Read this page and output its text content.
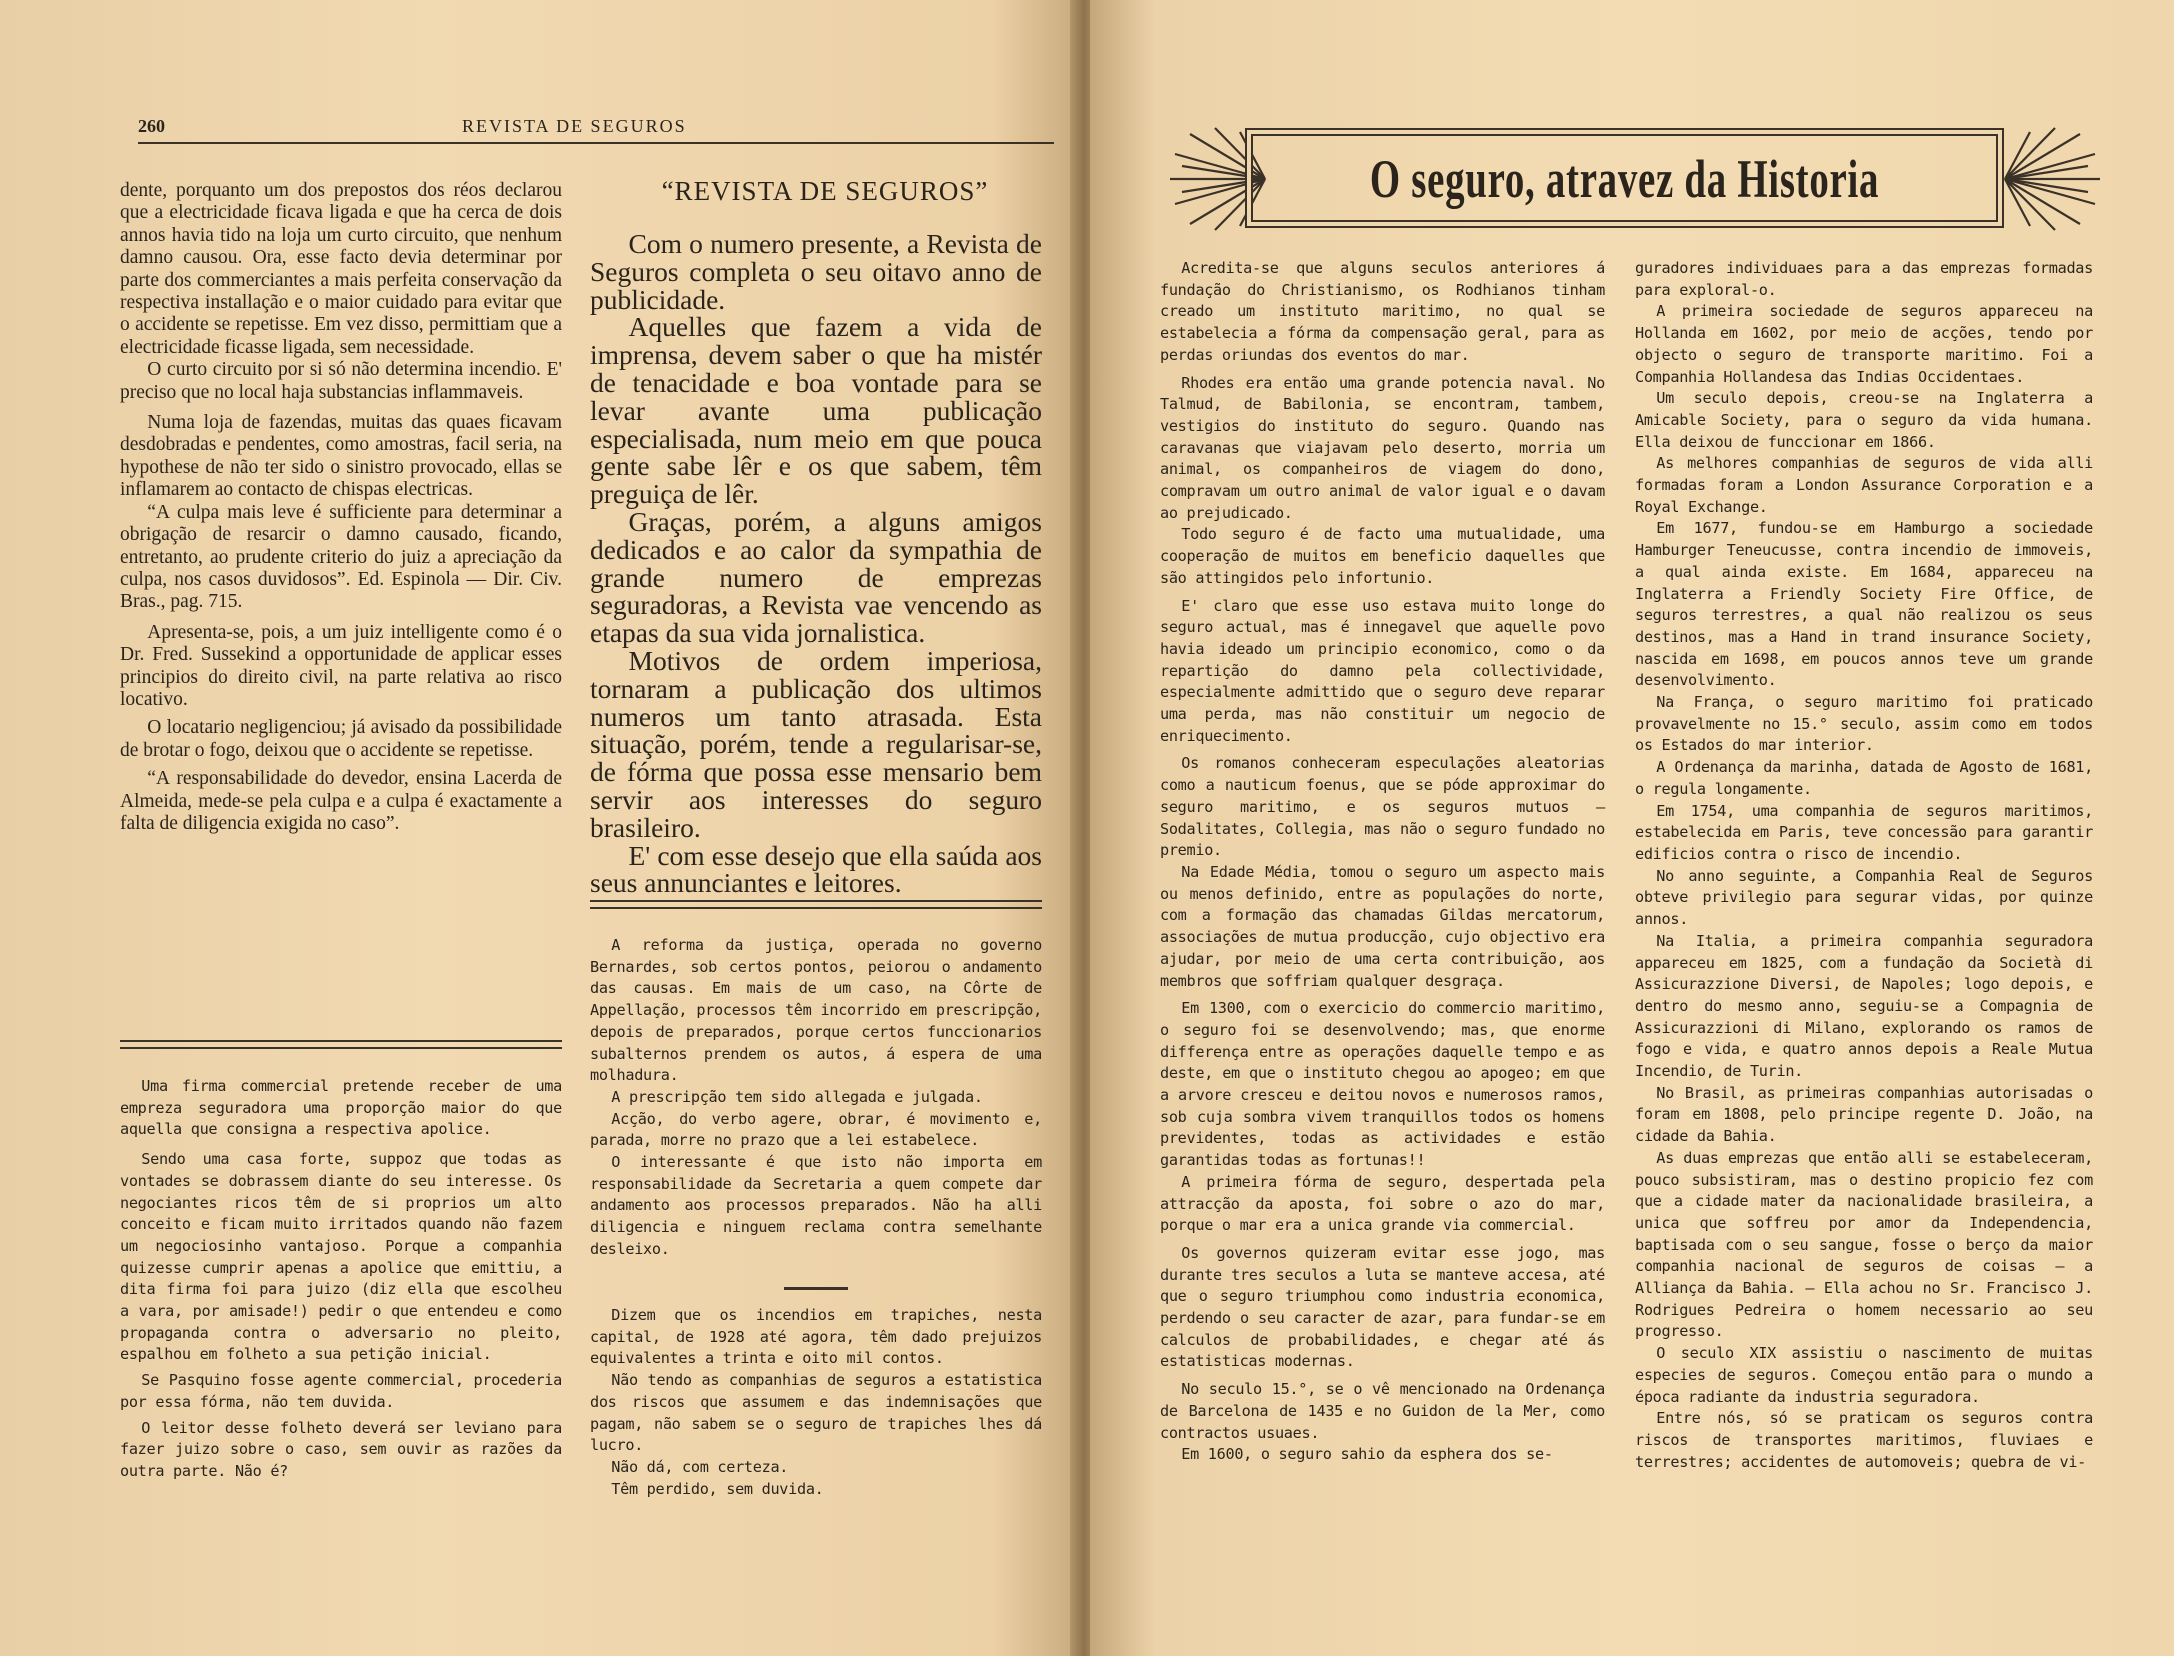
260	REVISTA DE SEGUROS

dente, porquanto um dos prepostos dos réos declarou que a electricidade ficava ligada e que ha cerca de dois annos havia tido na loja um curto circuito, que nenhum damno causou. Ora, esse facto devia determinar por parte dos commerciantes a mais perfeita conservação da respectiva installação e o maior cuidado para evitar que o accidente se repetisse. Em vez disso, permittiam que a electricidade ficasse ligada, sem necessidade.

O curto circuito por si só não determina incendio. E' preciso que no local haja substancias inflammaveis.

Numa loja de fazendas, muitas das quaes ficavam desdobradas e pendentes, como amostras, facil seria, na hypothese de não ter sido o sinistro provocado, ellas se inflamarem ao contacto de chispas electricas.

“A culpa mais leve é sufficiente para determinar a obrigação de resarcir o damno causado, ficando, entretanto, ao prudente criterio do juiz a apreciação da culpa, nos casos duvidosos”. Ed. Espinola — Dir. Civ. Bras., pag. 715.

Apresenta-se, pois, a um juiz intelligente como é o Dr. Fred. Sussekind a opportunidade de applicar esses principios do direito civil, na parte relativa ao risco locativo.

O locatario negligenciou; já avisado da possibilidade de brotar o fogo, deixou que o accidente se repetisse.

“A responsabilidade do devedor, ensina Lacerda de Almeida, mede-se pela culpa e a culpa é exactamente a falta de diligencia exigida no caso”.

Uma firma commercial pretende receber de uma empreza seguradora uma proporção maior do que aquella que consigna a respectiva apolice.

Sendo uma casa forte, suppoz que todas as vontades se dobrassem diante do seu interesse. Os negociantes ricos têm de si proprios um alto conceito e ficam muito irritados quando não fazem um negociosinho vantajoso. Porque a companhia quizesse cumprir apenas a apolice que emittiu, a dita firma foi para juizo (diz ella que escolheu a vara, por amisade!) pedir o que entendeu e como propaganda contra o adversario no pleito, espalhou em folheto a sua petição inicial.

Se Pasquino fosse agente commercial, procederia por essa fórma, não tem duvida.

O leitor desse folheto deverá ser leviano para fazer juizo sobre o caso, sem ouvir as razões da outra parte. Não é?

“REVISTA DE SEGUROS”

Com o numero presente, a Revista de Seguros completa o seu oitavo anno de publicidade.

Aquelles que fazem a vida de imprensa, devem saber o que ha mistér de tenacidade e boa vontade para se levar avante uma publicação especialisada, num meio em que pouca gente sabe lêr e os que sabem, têm preguiça de lêr.

Graças, porém, a alguns amigos dedicados e ao calor da sympathia de grande numero de emprezas seguradoras, a Revista vae vencendo as etapas da sua vida jornalistica.

Motivos de ordem imperiosa, tornaram a publicação dos ultimos numeros um tanto atrasada. Esta situação, porém, tende a regularisar-se, de fórma que possa esse mensario bem servir aos interesses do seguro brasileiro.

E' com esse desejo que ella saúda aos seus annunciantes e leitores.

A reforma da justiça, operada no governo Bernardes, sob certos pontos, peiorou o andamento das causas. Em mais de um caso, na Côrte de Appellação, processos têm incorrido em prescripção, depois de preparados, porque certos funccionarios subalternos prendem os autos, á espera de uma molhadura.

A prescripção tem sido allegada e julgada.

Acção, do verbo agere, obrar, é movimento e, parada, morre no prazo que a lei estabelece.

O interessante é que isto não importa em responsabilidade da Secretaria a quem compete dar andamento aos processos preparados. Não ha alli diligencia e ninguem reclama contra semelhante desleixo.

Dizem que os incendios em trapiches, nesta capital, de 1928 até agora, têm dado prejuizos equivalentes a trinta e oito mil contos.

Não tendo as companhias de seguros a estatistica dos riscos que assumem e das indemnisações que pagam, não sabem se o seguro de trapiches lhes dá lucro.

Não dá, com certeza.

Têm perdido, sem duvida.

O seguro, atravez da Historia

Acredita-se que alguns seculos anteriores á fundação do Christianismo, os Rodhianos tinham creado um instituto maritimo, no qual se estabelecia a fórma da compensação geral, para as perdas oriundas dos eventos do mar.

Rhodes era então uma grande potencia naval. No Talmud, de Babilonia, se encontram, tambem, vestigios do instituto do seguro. Quando nas caravanas que viajavam pelo deserto, morria um animal, os companheiros de viagem do dono, compravam um outro animal de valor igual e o davam ao prejudicado.

Todo seguro é de facto uma mutualidade, uma cooperação de muitos em beneficio daquelles que são attingidos pelo infortunio.

E' claro que esse uso estava muito longe do seguro actual, mas é innegavel que aquelle povo havia ideado um principio economico, como o da repartição do damno pela collectividade, especialmente admittido que o seguro deve reparar uma perda, mas não constituir um negocio de enriquecimento.

Os romanos conheceram especulações aleatorias como a nauticum foenus, que se póde approximar do seguro maritimo, e os seguros mutuos — Sodalitates, Collegia, mas não o seguro fundado no premio.

Na Edade Média, tomou o seguro um aspecto mais ou menos definido, entre as populações do norte, com a formação das chamadas Gildas mercatorum, associações de mutua producção, cujo objectivo era ajudar, por meio de uma certa contribuição, aos membros que soffriam qualquer desgraça.

Em 1300, com o exercicio do commercio maritimo, o seguro foi se desenvolvendo; mas, que enorme differença entre as operações daquelle tempo e as deste, em que o instituto chegou ao apogeo; em que a arvore cresceu e deitou novos e numerosos ramos, sob cuja sombra vivem tranquillos todos os homens previdentes, todas as actividades e estão garantidas todas as fortunas!!

A primeira fórma de seguro, despertada pela attracção da aposta, foi sobre o azo do mar, porque o mar era a unica grande via commercial.

Os governos quizeram evitar esse jogo, mas durante tres seculos a luta se manteve accesa, até que o seguro triumphou como industria economica, perdendo o seu caracter de azar, para fundar-se em calculos de probabilidades, e chegar até ás estatisticas modernas.

No seculo 15.°, se o vê mencionado na Ordenança de Barcelona de 1435 e no Guidon de la Mer, como contractos usuaes.

Em 1600, o seguro sahio da esphera dos se-

guradores individuaes para a das emprezas formadas para exploral-o.

A primeira sociedade de seguros appareceu na Hollanda em 1602, por meio de acções, tendo por objecto o seguro de transporte maritimo. Foi a Companhia Hollandesa das Indias Occidentaes.

Um seculo depois, creou-se na Inglaterra a Amicable Society, para o seguro da vida humana. Ella deixou de funccionar em 1866.

As melhores companhias de seguros de vida alli formadas foram a London Assurance Corporation e a Royal Exchange.

Em 1677, fundou-se em Hamburgo a sociedade Hamburger Teneucusse, contra incendio de immoveis, a qual ainda existe. Em 1684, appareceu na Inglaterra a Friendly Society Fire Office, de seguros terrestres, a qual não realizou os seus destinos, mas a Hand in trand insurance Society, nascida em 1698, em poucos annos teve um grande desenvolvimento.

Na França, o seguro maritimo foi praticado provavelmente no 15.° seculo, assim como em todos os Estados do mar interior.

A Ordenança da marinha, datada de Agosto de 1681, o regula longamente.

Em 1754, uma companhia de seguros maritimos, estabelecida em Paris, teve concessão para garantir edificios contra o risco de incendio.

No anno seguinte, a Companhia Real de Seguros obteve privilegio para segurar vidas, por quinze annos.

Na Italia, a primeira companhia seguradora appareceu em 1825, com a fundação da Società di Assicurazzione Diversi, de Napoles; logo depois, e dentro do mesmo anno, seguiu-se a Compagnia de Assicurazzioni di Milano, explorando os ramos de fogo e vida, e quatro annos depois a Reale Mutua Incendio, de Turin.

No Brasil, as primeiras companhias autorisadas o foram em 1808, pelo principe regente D. João, na cidade da Bahia.

As duas emprezas que então alli se estabeleceram, pouco subsistiram, mas o destino propicio fez com que a cidade mater da nacionalidade brasileira, a unica que soffreu por amor da Independencia, baptisada com o seu sangue, fosse o berço da maior companhia nacional de seguros de coisas — a Alliança da Bahia. — Ella achou no Sr. Francisco J. Rodrigues Pedreira o homem necessario ao seu progresso.

O seculo XIX assistiu o nascimento de muitas especies de seguros. Começou então para o mundo a época radiante da industria seguradora.

Entre nós, só se praticam os seguros contra riscos de transportes maritimos, fluviaes e terrestres; accidentes de automoveis; quebra de vi-
